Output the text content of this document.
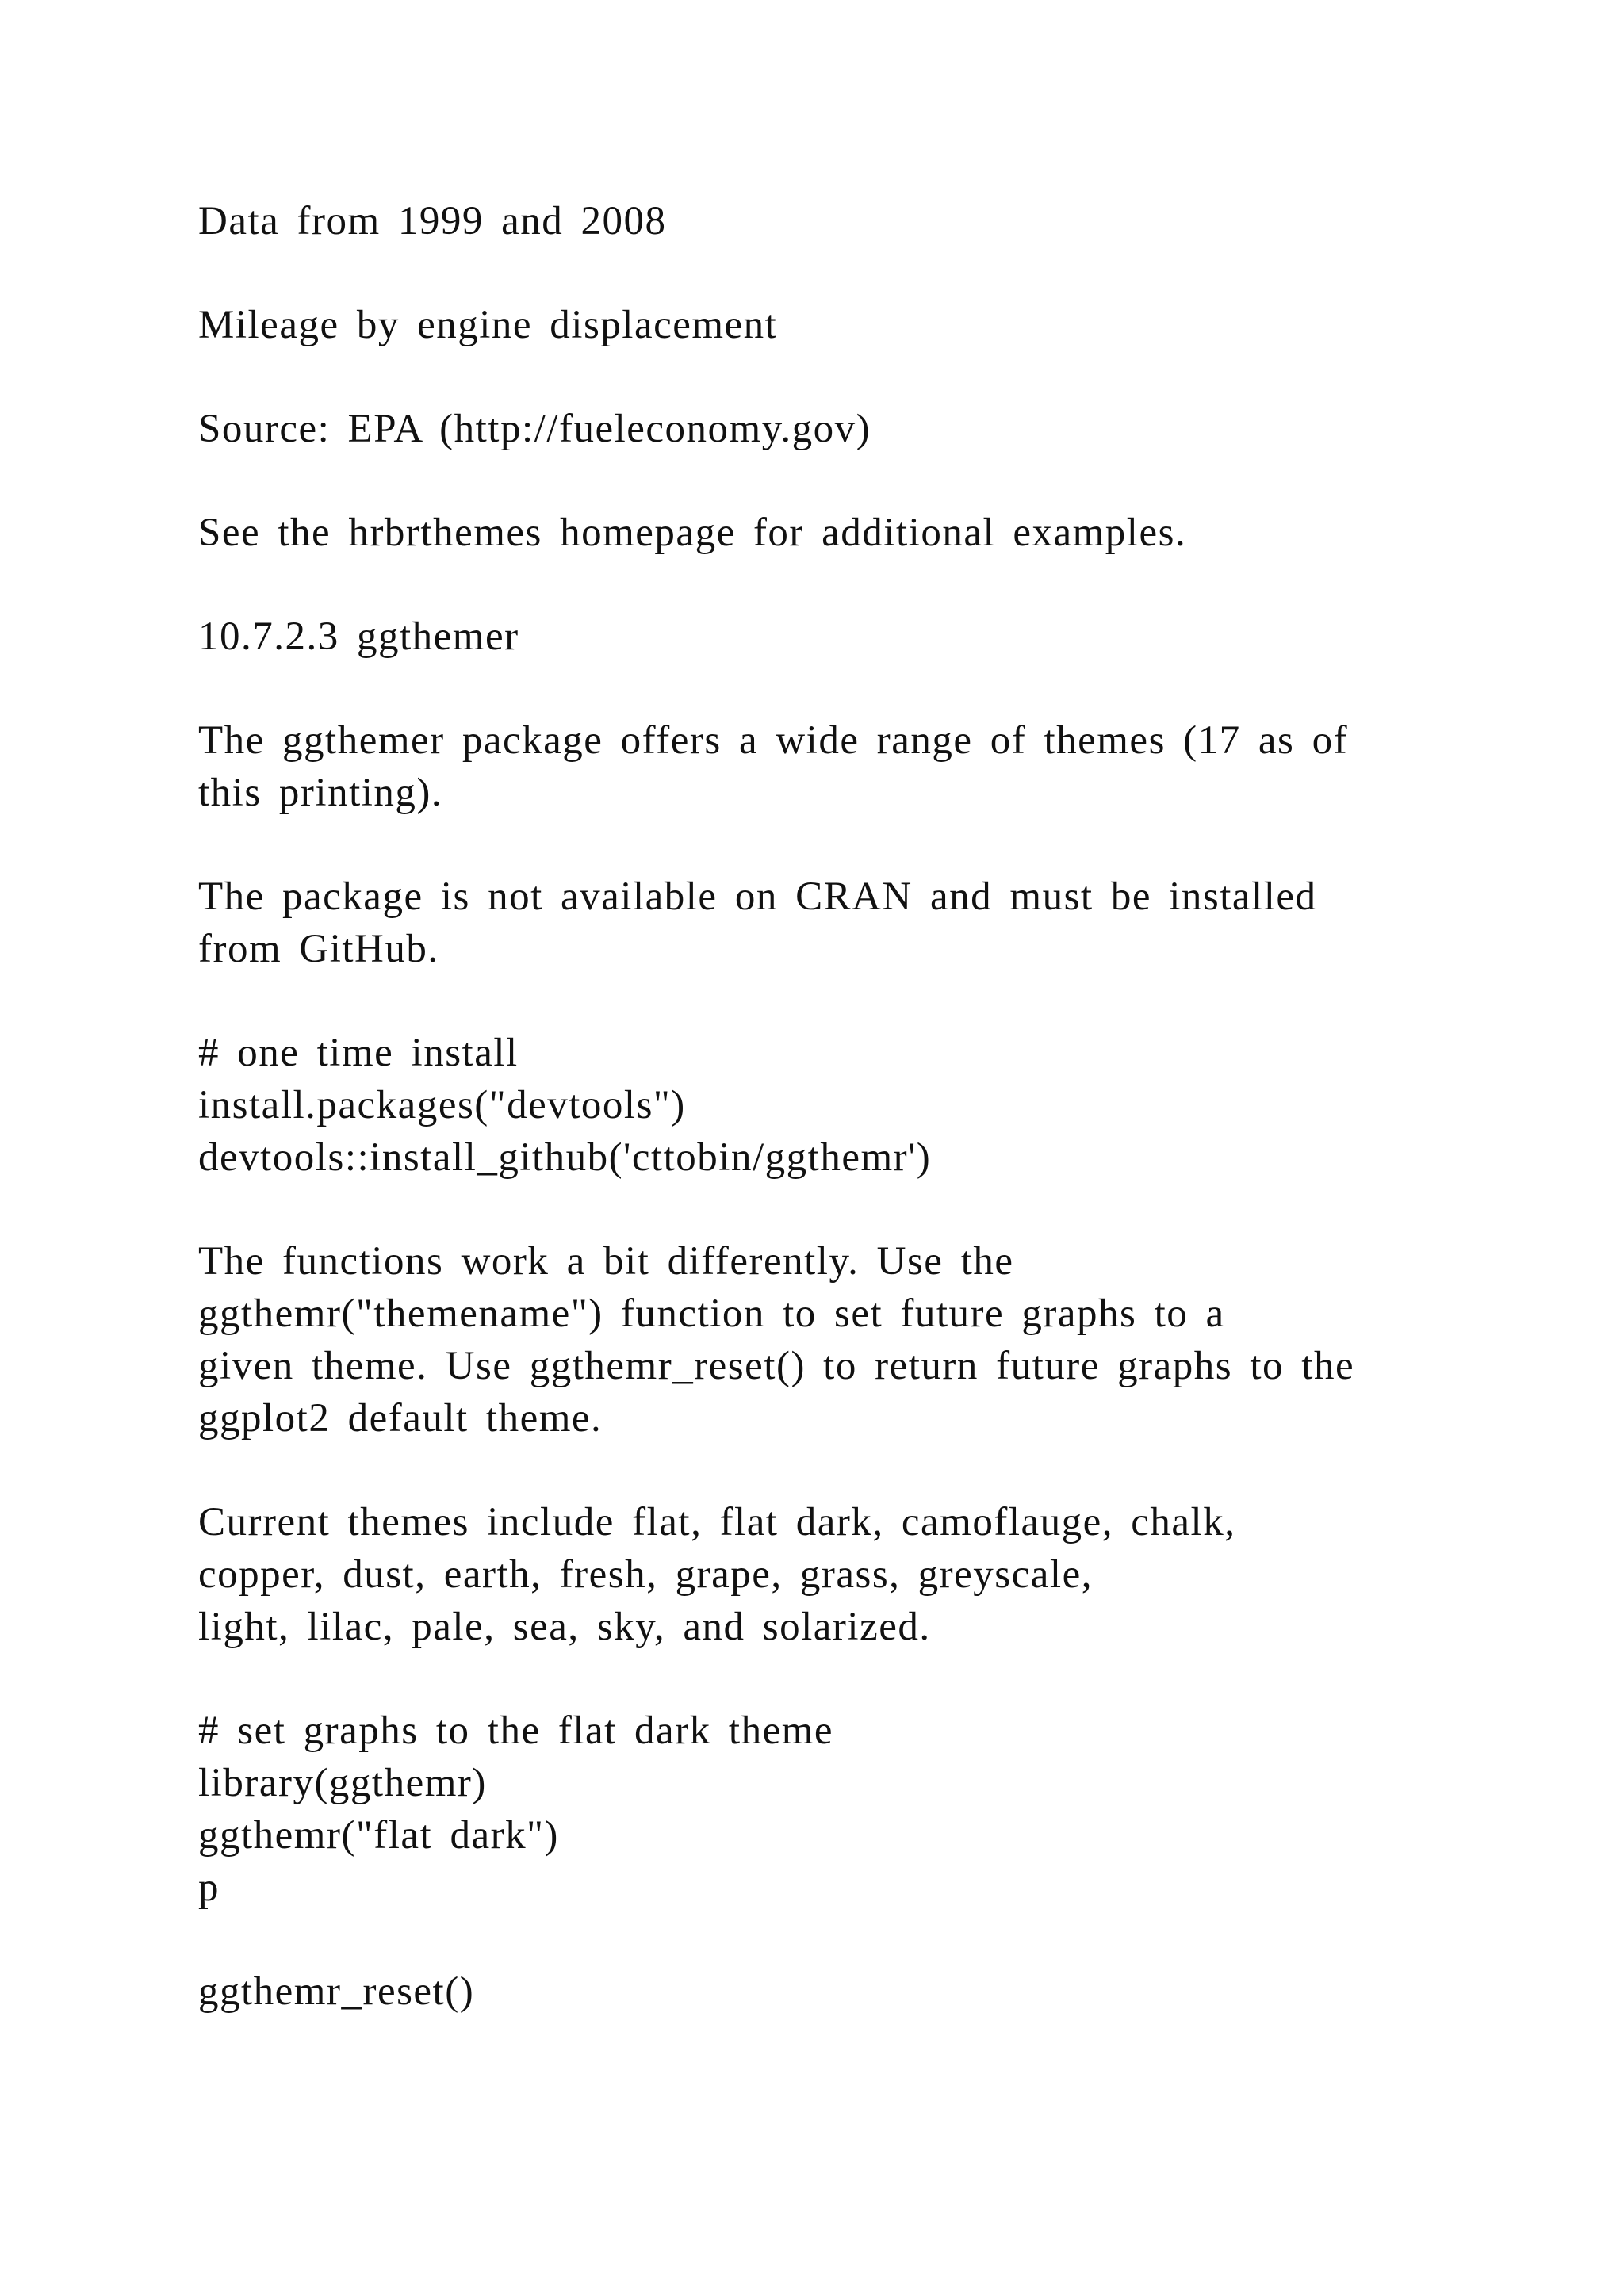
Data from 1999 and 2008

Mileage by engine displacement

Source: EPA (http://fueleconomy.gov)

See the hrbrthemes homepage for additional examples.

10.7.2.3 ggthemer

The ggthemer package offers a wide range of themes (17 as of
this printing).

The package is not available on CRAN and must be installed
from GitHub.

# one time install
install.packages("devtools")
devtools::install_github('cttobin/ggthemr')

The functions work a bit differently. Use the
ggthemr("themename") function to set future graphs to a
given theme. Use ggthemr_reset() to return future graphs to the
ggplot2 default theme.

Current themes include flat, flat dark, camoflauge, chalk,
copper, dust, earth, fresh, grape, grass, greyscale,
light, lilac, pale, sea, sky, and solarized.

# set graphs to the flat dark theme
library(ggthemr)
ggthemr("flat dark")
p

ggthemr_reset()
